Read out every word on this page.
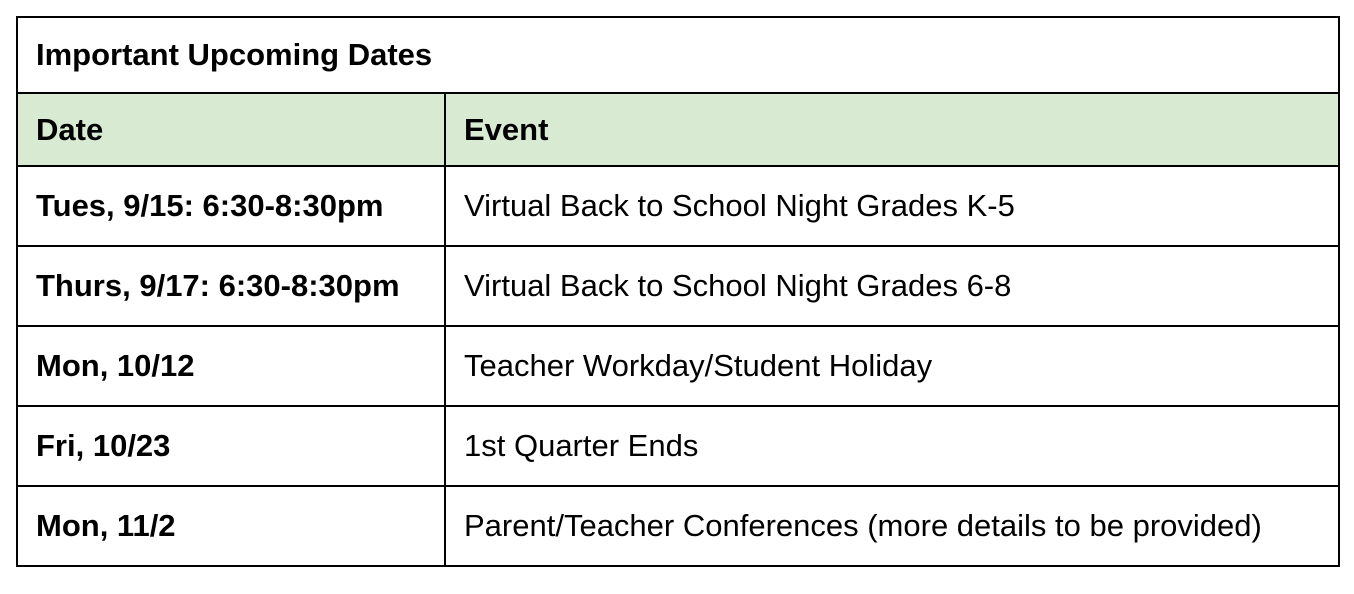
Important Upcoming Dates	
Date	Event
Tues, 9/15: 6:30-8:30pm	Virtual Back to School Night Grades K-5
Thurs, 9/17: 6:30-8:30pm	Virtual Back to School Night Grades 6-8
Mon, 10/12	Teacher Workday/Student Holiday
Fri, 10/23	1st Quarter Ends
Mon, 11/2	Parent/Teacher Conferences (more details to be provided)
